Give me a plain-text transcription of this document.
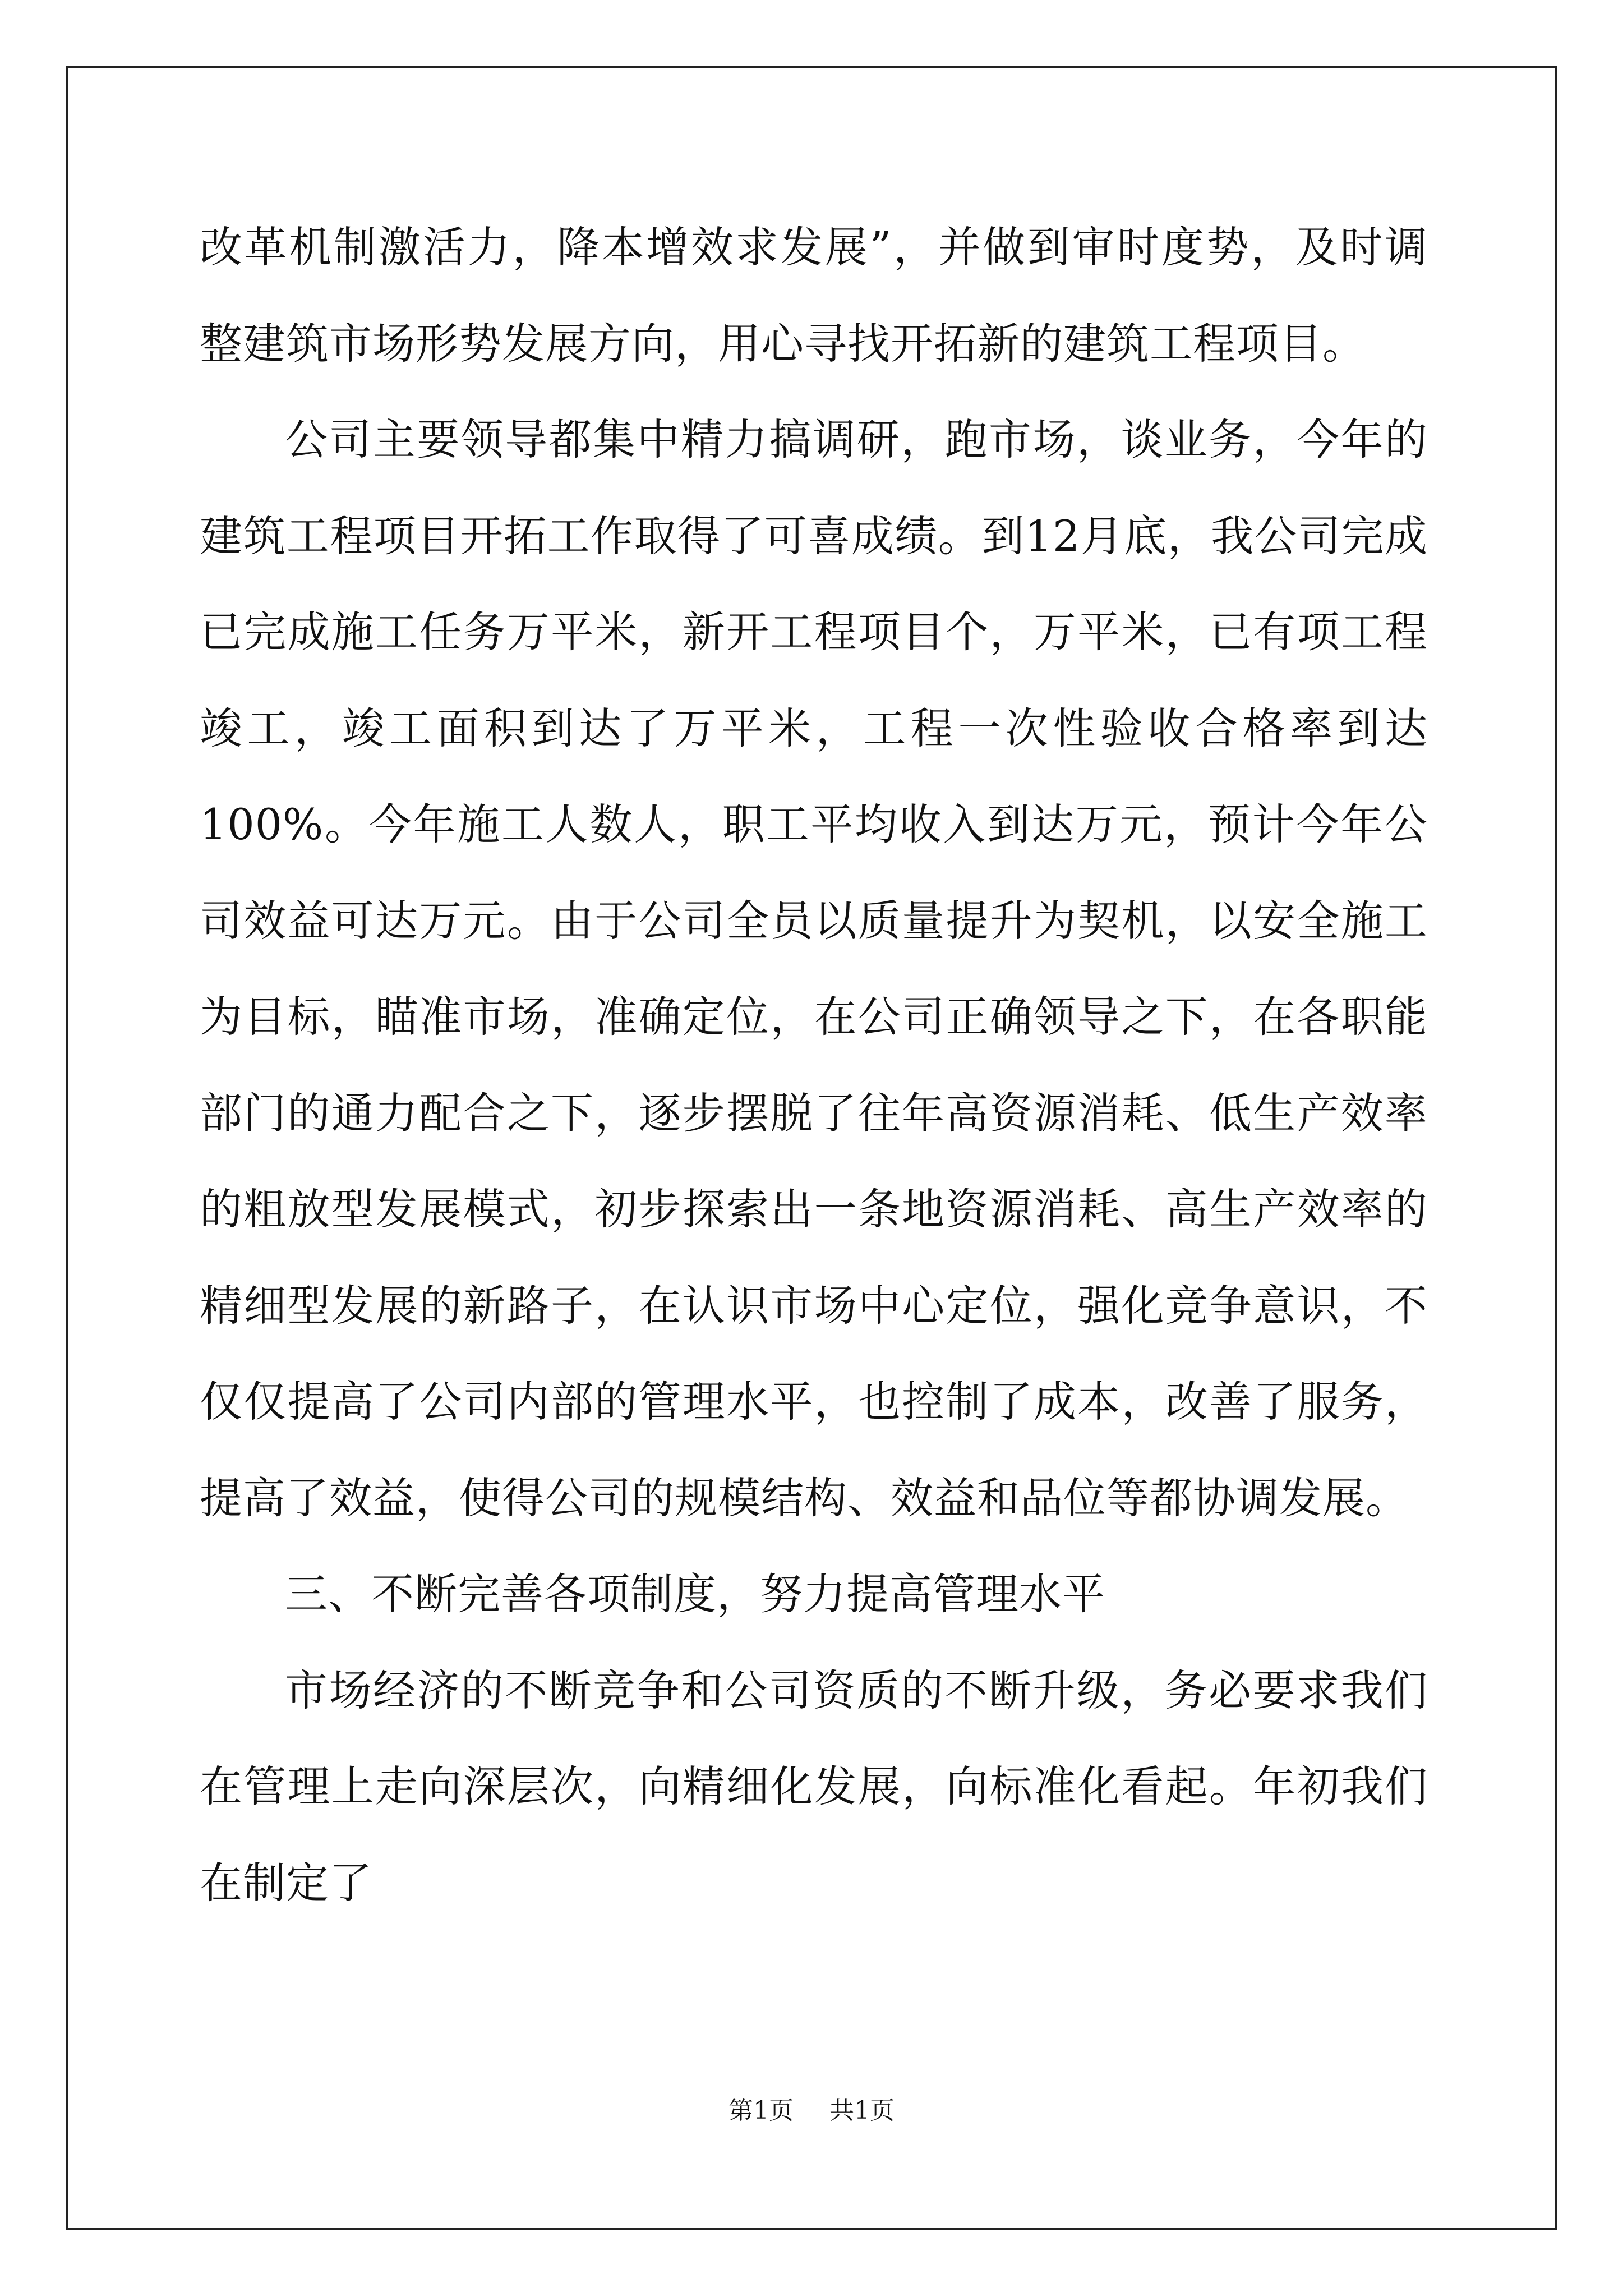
改革机制激活力，降本增效求发展”，并做到审时度势，及时调整建筑市场形势发展方向，用心寻找开拓新的建筑工程项目。

公司主要领导都集中精力搞调研，跑市场，谈业务，今年的建筑工程项目开拓工作取得了可喜成绩。到12月底，我公司完成已完成施工任务万平米，新开工程项目个，万平米，已有项工程竣工，竣工面积到达了万平米，工程一次性验收合格率到达100%。今年施工人数人，职工平均收入到达万元，预计今年公司效益可达万元。由于公司全员以质量提升为契机，以安全施工为目标，瞄准市场，准确定位，在公司正确领导之下，在各职能部门的通力配合之下，逐步摆脱了往年高资源消耗、低生产效率的粗放型发展模式，初步探索出一条地资源消耗、高生产效率的精细型发展的新路子，在认识市场中心定位，强化竞争意识，不仅仅提高了公司内部的管理水平，也控制了成本，改善了服务，提高了效益，使得公司的规模结构、效益和品位等都协调发展。

三、不断完善各项制度，努力提高管理水平

市场经济的不断竞争和公司资质的不断升级，务必要求我们在管理上走向深层次，向精细化发展，向标准化看起。年初我们在制定了

第1页 共1页
